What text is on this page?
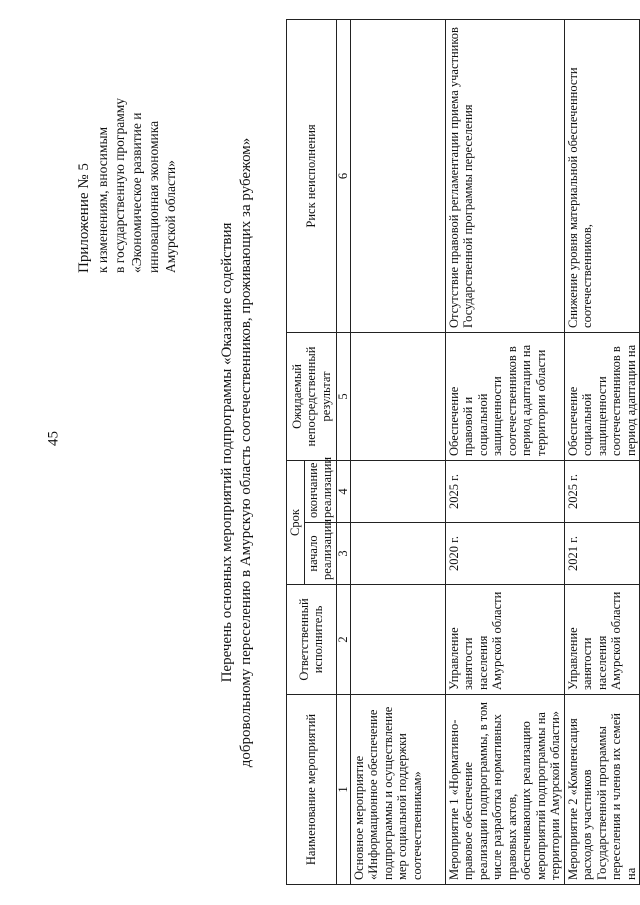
45
Приложение № 5 к изменениям, вносимым в государственную программу «Экономическое развитие и инновационная экономика Амурской области»
Перечень основных мероприятий подпрограммы «Оказание содействия добровольному переселению в Амурскую область соотечественников, проживающих за рубежом»
Наименование мероприятий	Ответственный исполнитель	Срок		Ожидаемый непосредственный результат	Риск неисполнения
		начало реализации	окончание реализации		
1	2	3	4	5	6
Основное мероприятие «Информационное обеспечение подпрограммы и осуществление мер социальной поддержки соотечественникам»					
Мероприятие 1 «Нормативно-правовое обеспечение реализации подпрограммы, в том числе разработка нормативных правовых актов, обеспечивающих реализацию мероприятий подпрограммы на территории Амурской области»	Управление занятости населения Амурской области	2020 г.	2025 г.	Обеспечение правовой и социальной защищенности соотечественников в период адаптации на территории области	Отсутствие правовой регламентации приема участников Государственной программы переселения
Мероприятие 2 «Компенсация расходов участников Государственной программы переселения и членов их семей на	Управление занятости населения Амурской области	2021 г.	2025 г.	Обеспечение социальной защищенности соотечественников в период адаптации на	Снижение уровня материальной обеспеченности соотечественников,
